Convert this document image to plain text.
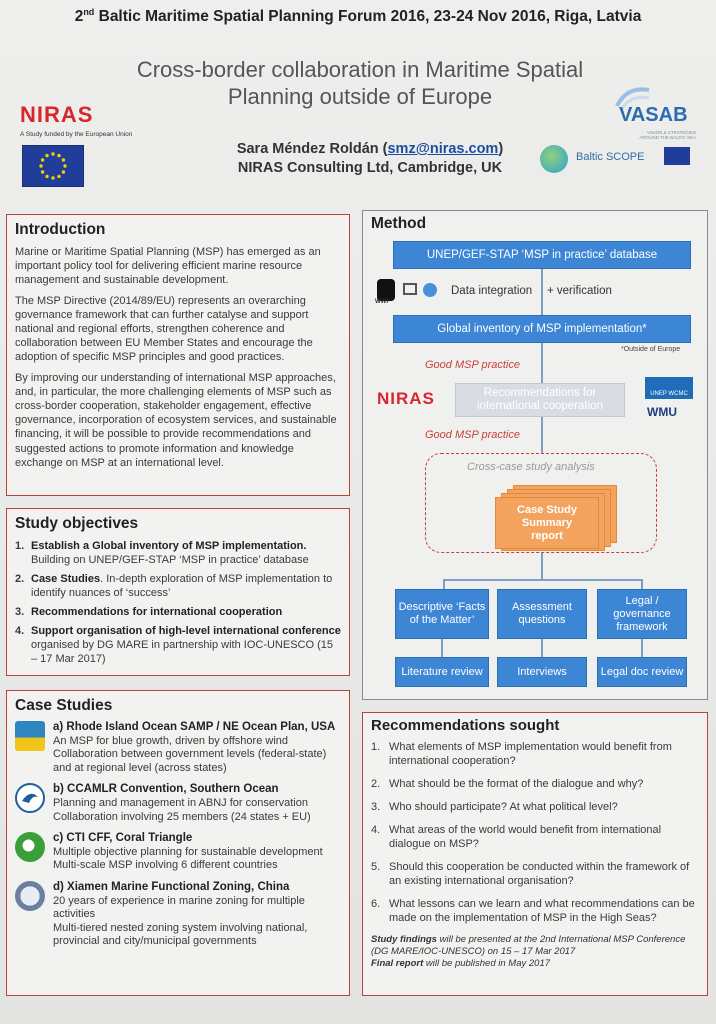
2nd Baltic Maritime Spatial Planning Forum 2016, 23-24 Nov 2016, Riga, Latvia
Cross-border collaboration in Maritime Spatial
Planning outside of Europe
NIRAS
A Study funded by the European Union
Sara Méndez Roldán (smz@niras.com)
NIRAS Consulting Ltd, Cambridge, UK
VASAB
VISION & STRATEGIES AROUND THE BALTIC SEA
Baltic SCOPE
Introduction

Marine or Maritime Spatial Planning (MSP) has emerged as an important policy tool for delivering efficient marine resource management and sustainable development.

The MSP Directive (2014/89/EU) represents an overarching governance framework that can further catalyse and support national and regional efforts, strengthen coherence and collaboration between EU Member States and encourage the adoption of specific MSP principles and good practices.

By improving our understanding of international MSP approaches, and, in particular, the more challenging elements of MSP such as cross-border cooperation, stakeholder engagement, effective governance, incorporation of ecosystem services, and sustainable financing, it will be possible to provide recommendations and suggested actions to promote information and knowledge exchange on MSP at an international level.

Study objectives
1. Establish a Global inventory of MSP implementation. Building on UNEP/GEF-STAP ‘MSP in practice’ database
2. Case Studies. In-depth exploration of MSP implementation to identify nuances of ‘success’
3. Recommendations for international cooperation
4. Support organisation of high-level international conference organised by DG MARE in partnership with IOC-UNESCO (15 – 17 Mar 2017)
Case Studies
a) Rhode Island Ocean SAMP / NE Ocean Plan, USA
An MSP for blue growth, driven by offshore wind
Collaboration between government levels (federal-state) and at regional level (across states)
b) CCAMLR Convention, Southern Ocean
Planning and management in ABNJ for conservation
Collaboration involving 25 members (24 states + EU)
c) CTI CFF, Coral Triangle
Multiple objective planning for sustainable development
Multi-scale MSP involving 6 different countries
d) Xiamen Marine Functional Zoning, China
20 years of experience in marine zoning for multiple activities
Multi-tiered nested zoning system involving national, provincial and city/municipal governments
Method
UNEP/GEF-STAP ‘MSP in practice’ database
WWF
Data integration + verification
Global inventory of MSP implementation*
*Outside of Europe
Good MSP practice
NIRAS	Recommendations for international cooperation
UNEP WCMC
WMU
Good MSP practice
Cross-case study analysis
Case Study Summary report
Descriptive ‘Facts of the Matter’
Assessment questions
Legal / governance framework
Literature review	Interviews	Legal doc review
Recommendations sought
1. What elements of MSP implementation would benefit from international cooperation?
2. What should be the format of the dialogue and why?
3. Who should participate? At what political level?
4. What areas of the world would benefit from international dialogue on MSP?
5. Should this cooperation be conducted within the framework of an existing international organisation?
6. What lessons can we learn and what recommendations can be made on the implementation of MSP in the High Seas?
Study findings will be presented at the 2nd International MSP Conference (DG MARE/IOC-UNESCO) on 15 – 17 Mar 2017
Final report will be published in May 2017
